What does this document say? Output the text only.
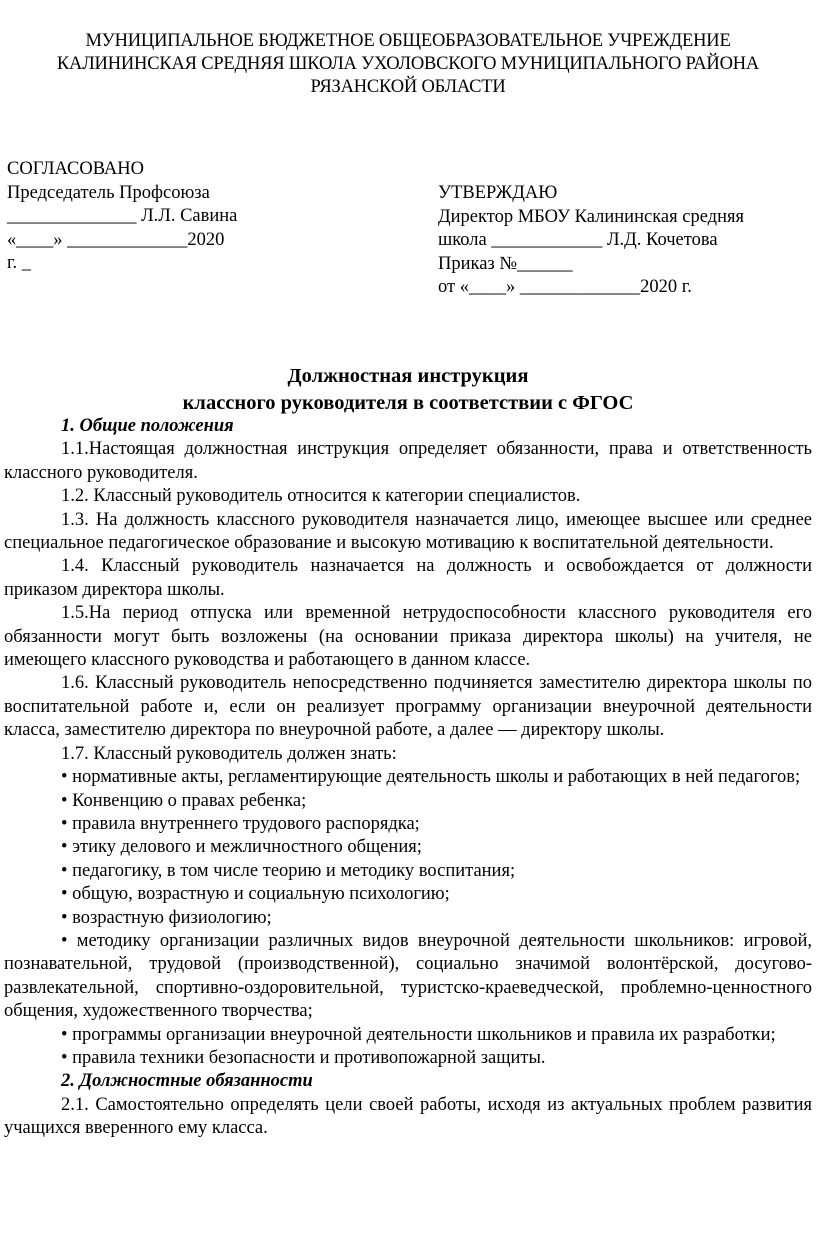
МУНИЦИПАЛЬНОЕ БЮДЖЕТНОЕ ОБЩЕОБРАЗОВАТЕЛЬНОЕ УЧРЕЖДЕНИЕ
КАЛИНИНСКАЯ СРЕДНЯЯ ШКОЛА УХОЛОВСКОГО МУНИЦИПАЛЬНОГО РАЙОНА
РЯЗАНСКОЙ ОБЛАСТИ
СОГЛАСОВАНО
Председатель Профсоюза
______________ Л.Л. Савина
«____» _____________2020
г. _
УТВЕРЖДАЮ
Директор МБОУ Калининская средняя
школа ____________ Л.Д. Кочетова
Приказ №______
от «____» _____________2020 г.
Должностная инструкция
классного руководителя в соответствии с ФГОС

1. Общие положения

1.1.Настоящая должностная инструкция определяет обязанности, права и ответственность классного руководителя.

1.2. Классный руководитель относится к категории специалистов.

1.3. На должность классного руководителя назначается лицо, имеющее высшее или среднее специальное педагогическое образование и высокую мотивацию к воспитательной деятельности.

1.4. Классный руководитель назначается на должность и освобождается от должности приказом директора школы.

1.5.На период отпуска или временной нетрудоспособности классного руководителя его обязанности могут быть возложены (на основании приказа директора школы) на учителя, не имеющего классного руководства и работающего в данном классе.

1.6. Классный руководитель непосредственно подчиняется заместителю директора школы по воспитательной работе и, если он реализует программу организации внеурочной деятельности класса, заместителю директора по внеурочной работе, а далее — директору школы.

1.7. Классный руководитель должен знать:

• нормативные акты, регламентирующие деятельность школы и работающих в ней педагогов;

• Конвенцию о правах ребенка;

• правила внутреннего трудового распорядка;

• этику делового и межличностного общения;

• педагогику, в том числе теорию и методику воспитания;

• общую, возрастную и социальную психологию;

• возрастную физиологию;

• методику организации различных видов внеурочной деятельности школьников: игровой, познавательной, трудовой (производственной), социально значимой волонтёрской, досугово-развлекательной, спортивно-оздоровительной, туристско-краеведческой, проблемно-ценностного общения, художественного творчества;

• программы организации внеурочной деятельности школьников и правила их разработки;

• правила техники безопасности и противопожарной защиты.

2. Должностные обязанности

2.1. Самостоятельно определять цели своей работы, исходя из актуальных проблем развития учащихся вверенного ему класса.
